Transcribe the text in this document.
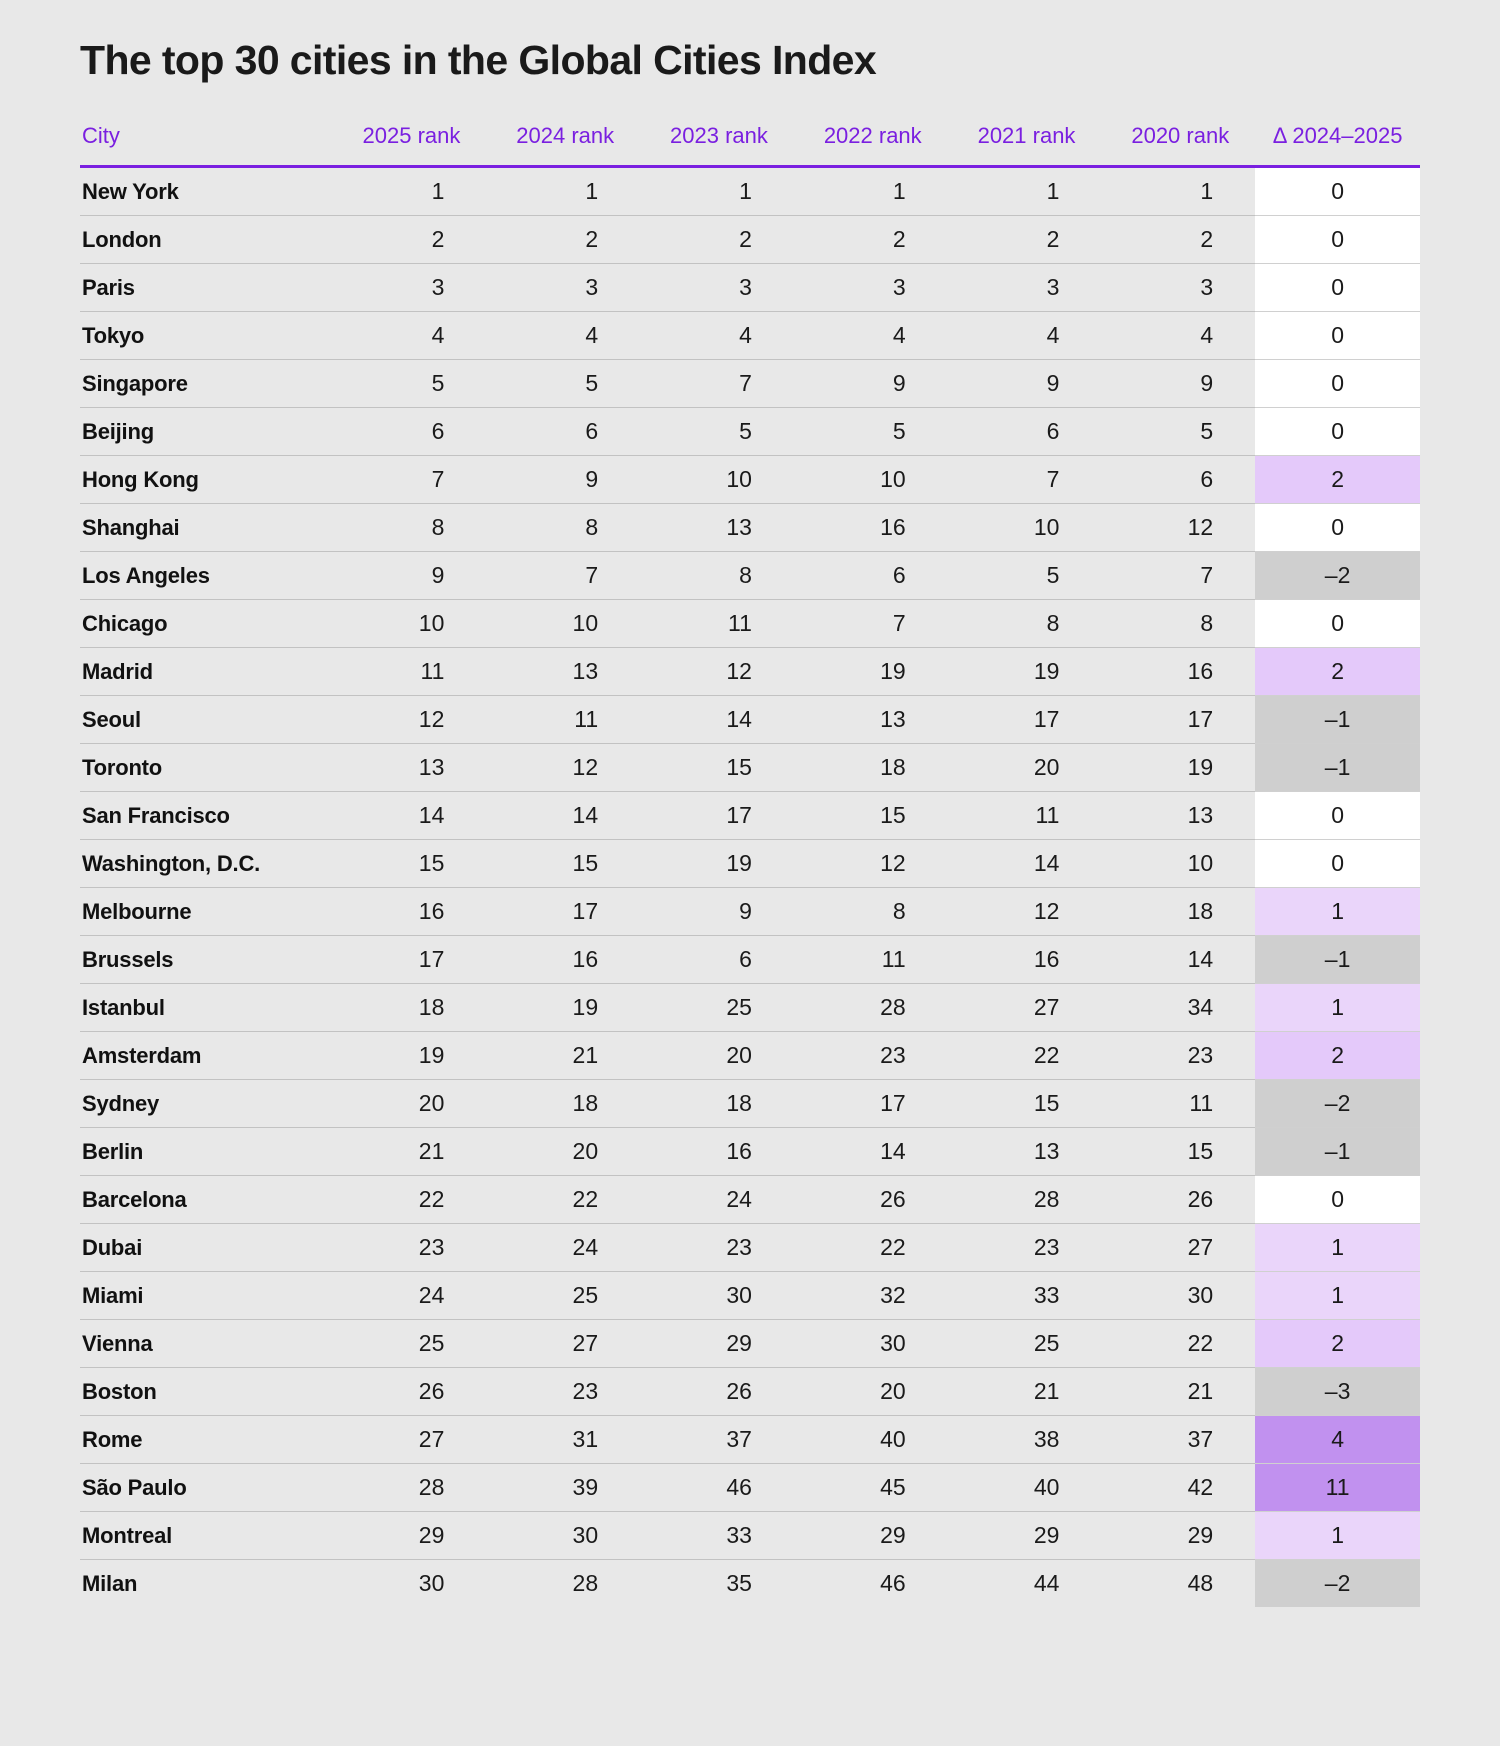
The top 30 cities in the Global Cities Index
City	2025 rank	2024 rank	2023 rank	2022 rank	2021 rank	2020 rank	Δ 2024–2025
New York	1	1	1	1	1	1	0
London	2	2	2	2	2	2	0
Paris	3	3	3	3	3	3	0
Tokyo	4	4	4	4	4	4	0
Singapore	5	5	7	9	9	9	0
Beijing	6	6	5	5	6	5	0
Hong Kong	7	9	10	10	7	6	2
Shanghai	8	8	13	16	10	12	0
Los Angeles	9	7	8	6	5	7	–2
Chicago	10	10	11	7	8	8	0
Madrid	11	13	12	19	19	16	2
Seoul	12	11	14	13	17	17	–1
Toronto	13	12	15	18	20	19	–1
San Francisco	14	14	17	15	11	13	0
Washington, D.C.	15	15	19	12	14	10	0
Melbourne	16	17	9	8	12	18	1
Brussels	17	16	6	11	16	14	–1
Istanbul	18	19	25	28	27	34	1
Amsterdam	19	21	20	23	22	23	2
Sydney	20	18	18	17	15	11	–2
Berlin	21	20	16	14	13	15	–1
Barcelona	22	22	24	26	28	26	0
Dubai	23	24	23	22	23	27	1
Miami	24	25	30	32	33	30	1
Vienna	25	27	29	30	25	22	2
Boston	26	23	26	20	21	21	–3
Rome	27	31	37	40	38	37	4
São Paulo	28	39	46	45	40	42	11
Montreal	29	30	33	29	29	29	1
Milan	30	28	35	46	44	48	–2
